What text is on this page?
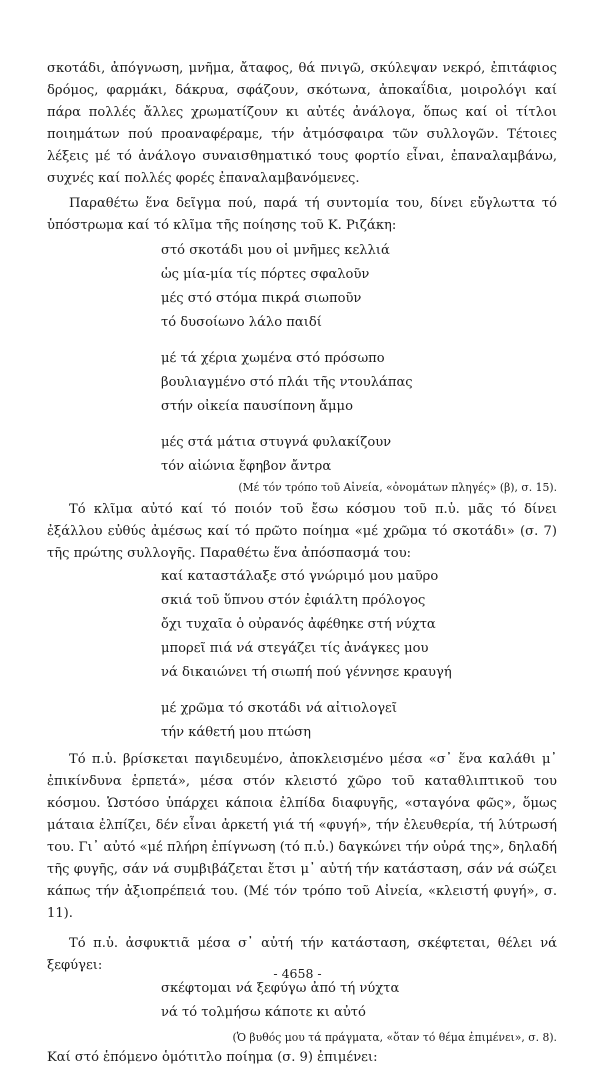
σκοτάδι, ἀπόγνωση, μνῆμα, ἄταφος, θά πνιγῶ, σκύλεψαν νεκρό, ἐπιτάφιος δρόμος, φαρμάκι, δάκρυα, σφάζουν, σκότωνα, ἀποκαΐδια, μοιρολόγι καί πάρα πολλές ἄλλες χρωματίζουν κι αὐτές ἀνάλογα, ὅπως καί οἱ τίτλοι ποιημάτων πού προαναφέραμε, τήν ἀτμόσφαιρα τῶν συλλογῶν. Τέτοιες λέξεις μέ τό ἀνάλογο συναισθηματικό τους φορτίο εἶναι, ἐπαναλαμβάνω, συχνές καί πολλές φορές ἐπαναλαμβανόμενες.

Παραθέτω ἕνα δεῖγμα πού, παρά τή συντομία του, δίνει εὔγλωττα τό ὑπόστρωμα καί τό κλῖμα τῆς ποίησης τοῦ Κ. Ριζάκη:

στό σκοτάδι μου οἱ μνῆμες κελλιά

ὡς μία-μία τίς πόρτες σφαλοῦν

μές στό στόμα πικρά σιωποῦν

τό δυσοίωνο λάλο παιδί

μέ τά χέρια χωμένα στό πρόσωπο

βουλιαγμένο στό πλάι τῆς ντουλάπας

στήν οἰκεία παυσίπονη ἄμμο

μές στά μάτια στυγνά φυλακίζουν

τόν αἰώνια ἔφηβον ἄντρα

(Μέ τόν τρόπο τοῦ Αἰνεία, «ὀνομάτων πληγές» (β), σ. 15).

Τό κλῖμα αὐτό καί τό ποιόν τοῦ ἔσω κόσμου τοῦ π.ὑ. μᾶς τό δίνει ἐξάλλου εὐθύς ἀμέσως καί τό πρῶτο ποίημα «μέ χρῶμα τό σκοτάδι» (σ. 7) τῆς πρώτης συλλογῆς. Παραθέτω ἕνα ἀπόσπασμά του:

καί καταστάλαξε στό γνώριμό μου μαῦρο

σκιά τοῦ ὕπνου στόν ἐφιάλτη πρόλογος

ὄχι τυχαῖα ὁ οὐρανός ἀφέθηκε στή νύχτα

μπορεῖ πιά νά στεγάζει τίς ἀνάγκες μου

νά δικαιώνει τή σιωπή πού γέννησε κραυγή

μέ χρῶμα τό σκοτάδι νά αἰτιολογεῖ

τήν κάθετή μου πτώση

Τό π.ὑ. βρίσκεται παγιδευμένο, ἀποκλεισμένο μέσα «σ᾽ ἕνα καλάθι μ᾽ ἐπικίνδυνα ἑρπετά», μέσα στόν κλειστό χῶρο τοῦ καταθλιπτικοῦ του κόσμου. Ὡστόσο ὑπάρχει κάποια ἐλπίδα διαφυγῆς, «σταγόνα φῶς», ὅμως μάταια ἐλπίζει, δέν εἶναι ἀρκετή γιά τή «φυγή», τήν ἐλευθερία, τή λύτρωσή του. Γι᾽ αὐτό «μέ πλήρη ἐπίγνωση (τό π.ὑ.) δαγκώνει τήν οὐρά της», δηλαδή τῆς φυγῆς, σάν νά συμβιβάζεται ἔτσι μ᾽ αὐτή τήν κατάσταση, σάν νά σώζει κάπως τήν ἀξιοπρέπειά του. (Μέ τόν τρόπο τοῦ Αἰνεία, «κλειστή φυγή», σ. 11).

Τό π.ὑ. ἀσφυκτιᾶ μέσα σ᾽ αὐτή τήν κατάσταση, σκέφτεται, θέλει νά ξεφύγει:

σκέφτομαι νά ξεφύγω ἀπό τή νύχτα

νά τό τολμήσω κάποτε κι αὐτό

(Ὁ βυθός μου τά πράγματα, «ὅταν τό θέμα ἐπιμένει», σ. 8).

Καί στό ἑπόμενο ὁμότιτλο ποίημα (σ. 9) ἐπιμένει:

- 4658 -
